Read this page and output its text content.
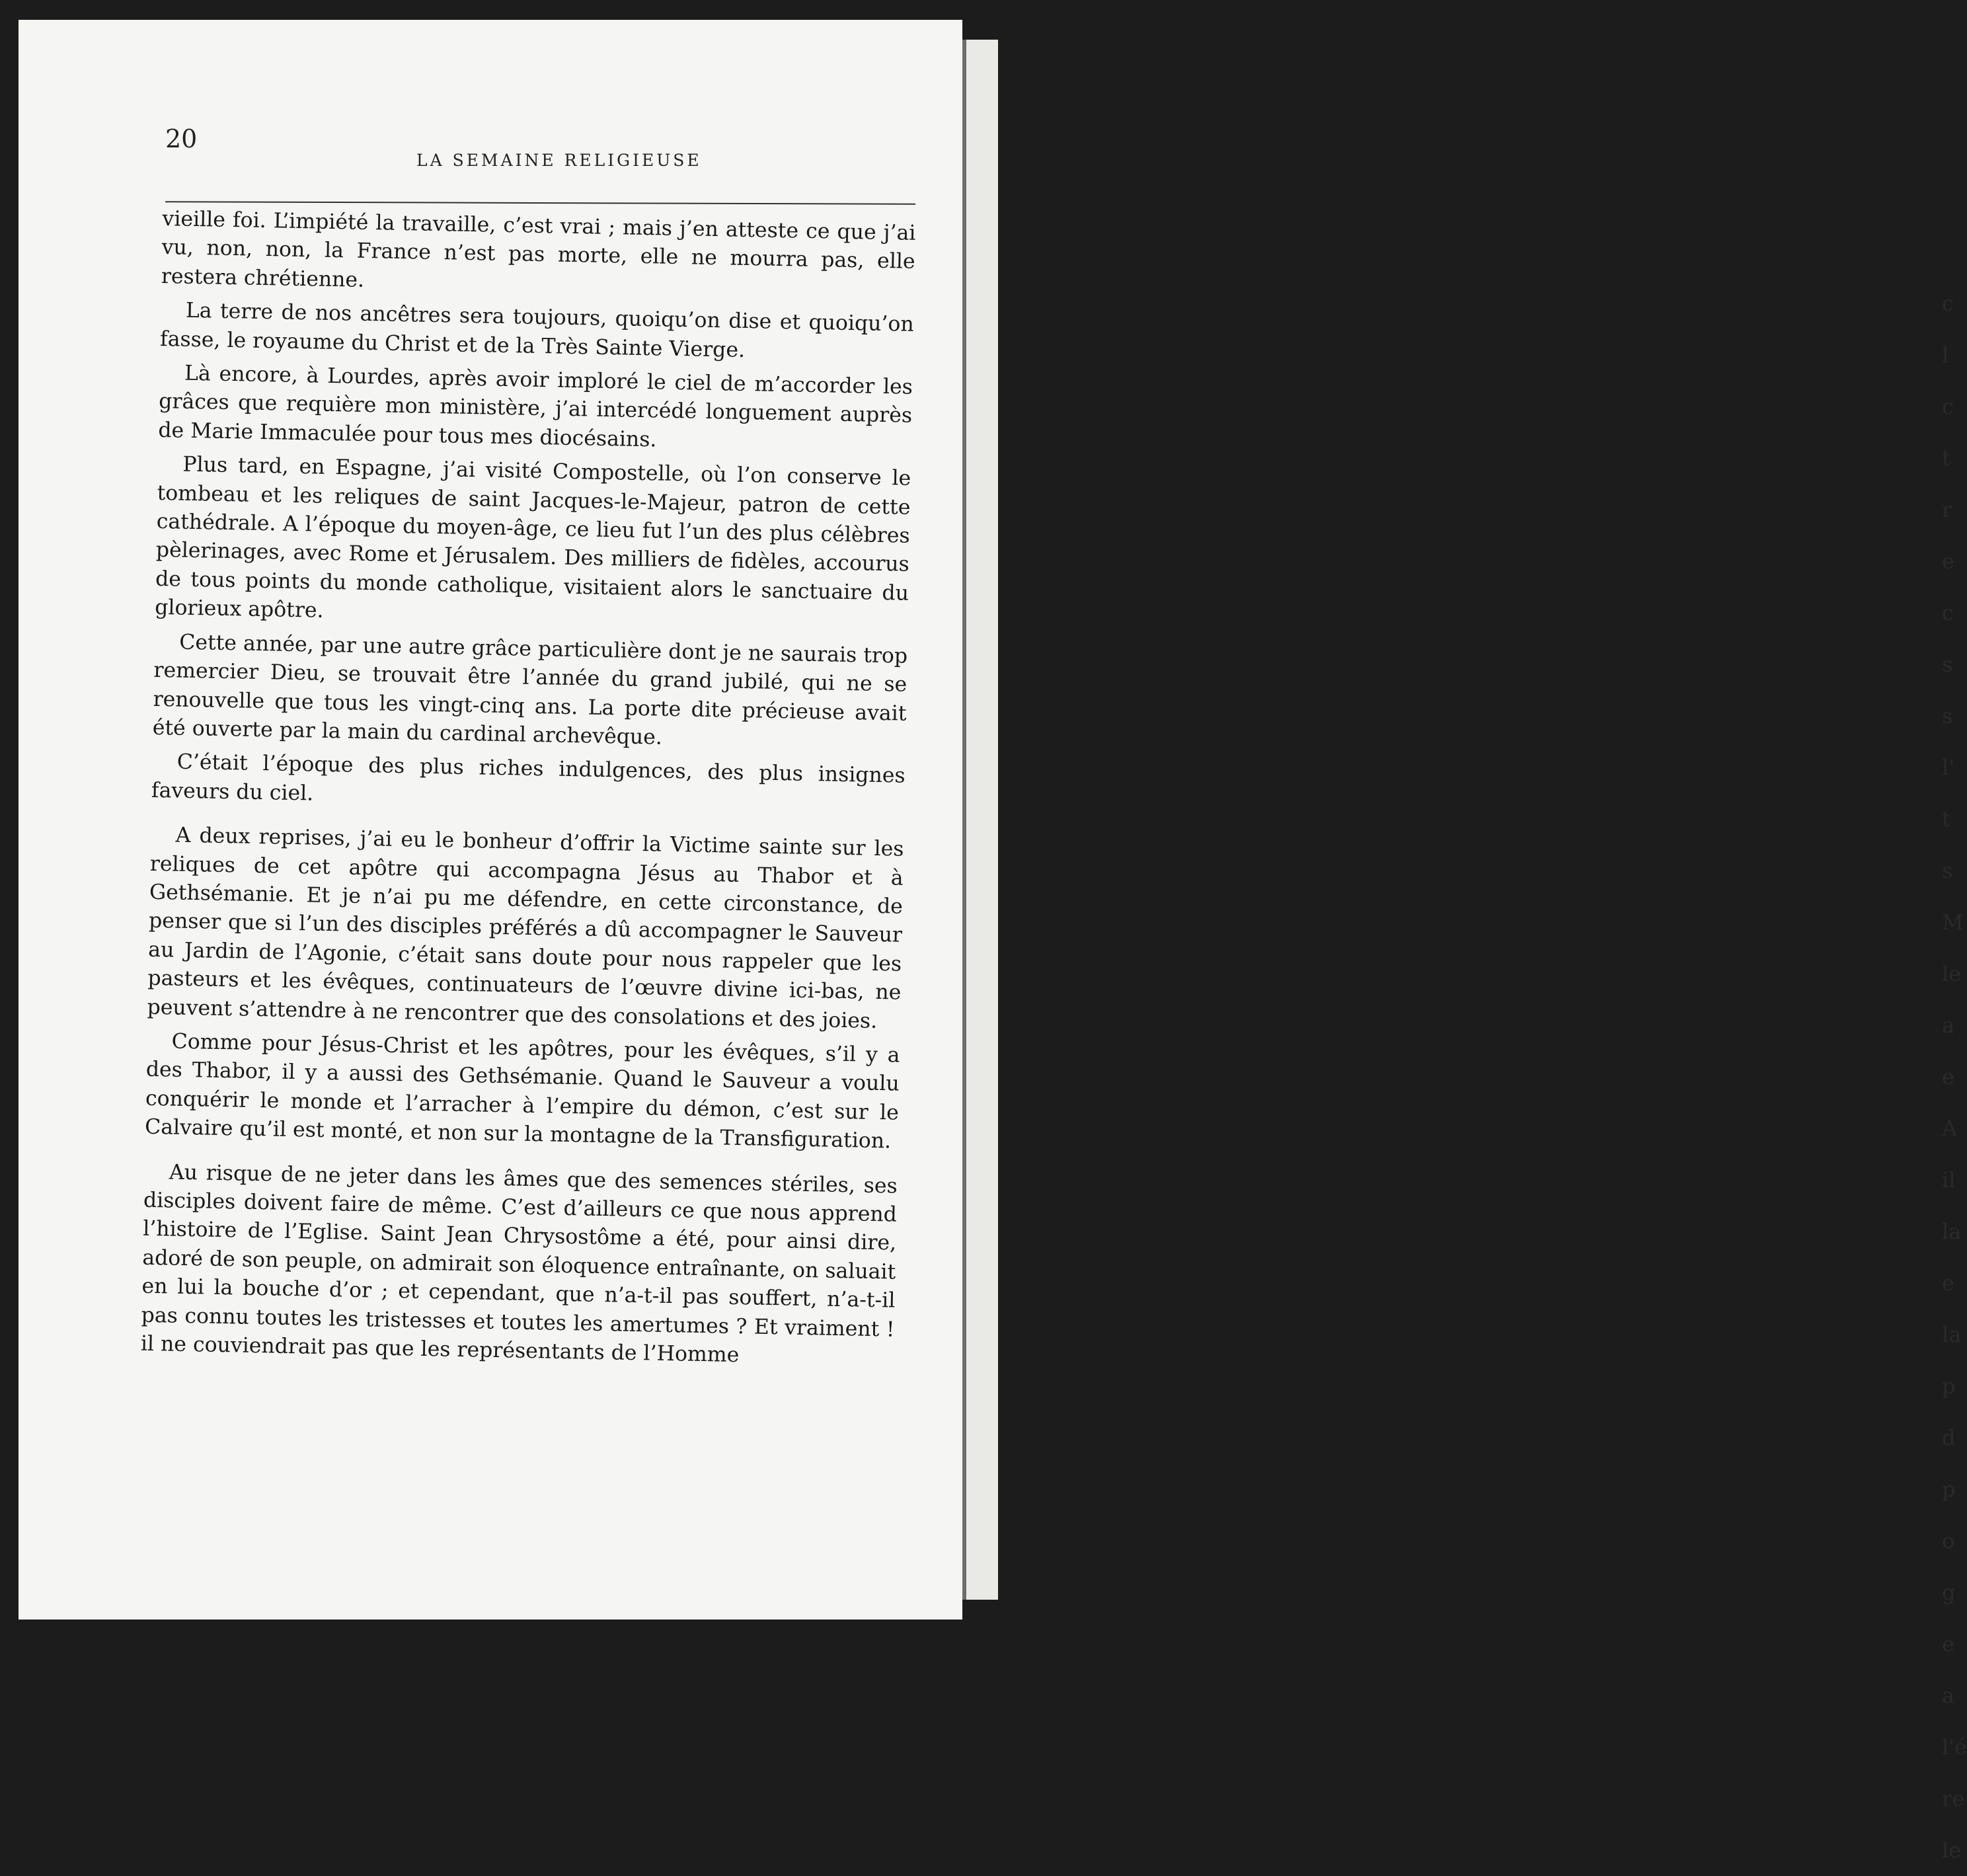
c
l
c
t
r
e
c
s
s
l'
t
s
M
le
a
e
A
il
la
e
la
p
d
p
o
g
e
a
l'é
re
le
20
LA SEMAINE RELIGIEUSE

vieille foi. L’impiété la travaille, c’est vrai ; mais j’en atteste ce que j’ai vu, non, non, la France n’est pas morte, elle ne mourra pas, elle restera chrétienne.

La terre de nos ancêtres sera toujours, quoiqu’on dise et quoiqu’on fasse, le royaume du Christ et de la Très Sainte Vierge.

Là encore, à Lourdes, après avoir imploré le ciel de m’accorder les grâces que requière mon ministère, j’ai intercédé longuement auprès de Marie Immaculée pour tous mes diocésains.

Plus tard, en Espagne, j’ai visité Compostelle, où l’on conserve le tombeau et les reliques de saint Jacques-le-Majeur, patron de cette cathédrale. A l’époque du moyen-âge, ce lieu fut l’un des plus célèbres pèlerinages, avec Rome et Jérusalem. Des milliers de fidèles, accourus de tous points du monde catholique, visitaient alors le sanctuaire du glorieux apôtre.

Cette année, par une autre grâce particulière dont je ne saurais trop remercier Dieu, se trouvait être l’année du grand jubilé, qui ne se renouvelle que tous les vingt-cinq ans. La porte dite précieuse avait été ouverte par la main du cardinal archevêque.

C’était l’époque des plus riches indulgences, des plus insignes faveurs du ciel.

A deux reprises, j’ai eu le bonheur d’offrir la Victime sainte sur les reliques de cet apôtre qui accompagna Jésus au Thabor et à Gethsémanie. Et je n’ai pu me défendre, en cette circonstance, de penser que si l’un des disciples préférés a dû accompagner le Sauveur au Jardin de l’Agonie, c’était sans doute pour nous rappeler que les pasteurs et les évêques, continuateurs de l’œuvre divine ici-bas, ne peuvent s’attendre à ne rencontrer que des consolations et des joies.

Comme pour Jésus-Christ et les apôtres, pour les évêques, s’il y a des Thabor, il y a aussi des Gethsémanie. Quand le Sauveur a voulu conquérir le monde et l’arracher à l’empire du démon, c’est sur le Calvaire qu’il est monté, et non sur la montagne de la Transfiguration.

Au risque de ne jeter dans les âmes que des semences stériles, ses disciples doivent faire de même. C’est d’ailleurs ce que nous apprend l’histoire de l’Eglise. Saint Jean Chrysostôme a été, pour ainsi dire, adoré de son peuple, on admirait son éloquence entraînante, on saluait en lui la bouche d’or ; et cependant, que n’a-t-il pas souffert, n’a-t-il pas connu toutes les tristesses et toutes les amertumes ? Et vraiment ! il ne couviendrait pas que les représentants de l’Homme
